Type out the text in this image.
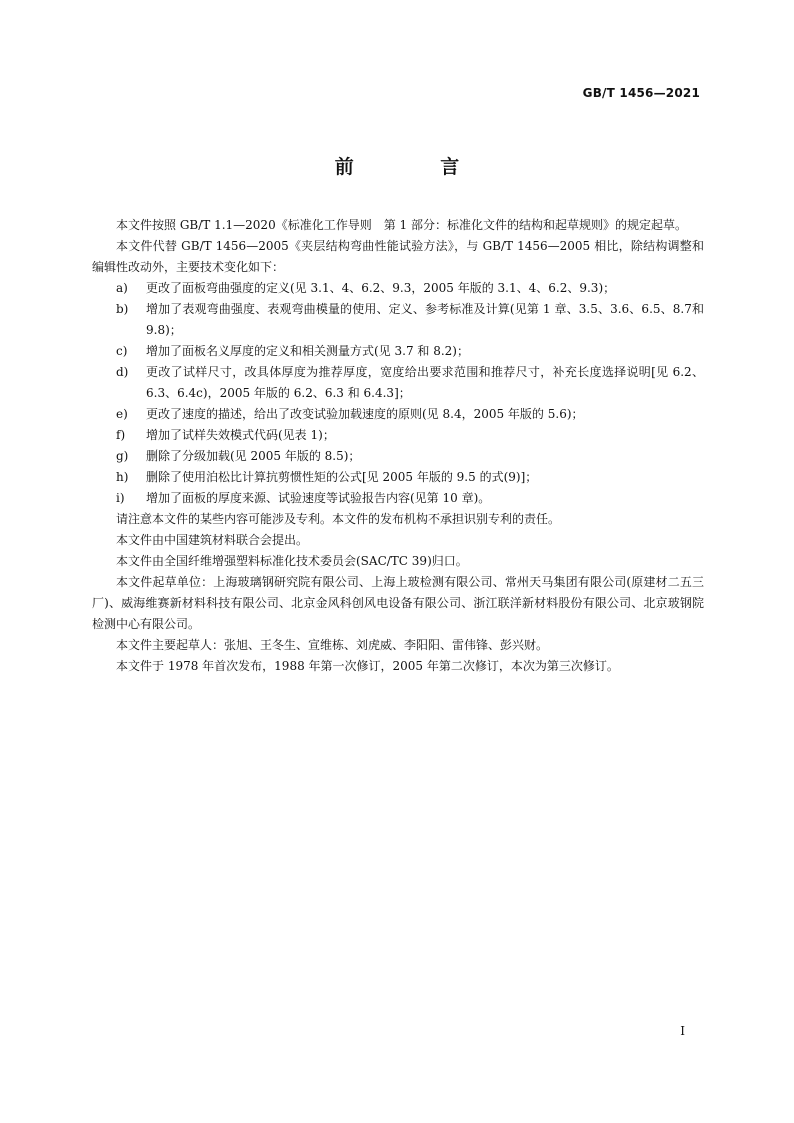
GB/T 1456—2021
前 言

本文件按照 GB/T 1.1—2020《标准化工作导则　第 1 部分：标准化文件的结构和起草规则》的规定起草。

本文件代替 GB/T 1456—2005《夹层结构弯曲性能试验方法》，与 GB/T 1456—2005 相比，除结构调整和编辑性改动外，主要技术变化如下：

a)	更改了面板弯曲强度的定义(见 3.1、4、6.2、9.3，2005 年版的 3.1、4、6.2、9.3)；
b)	增加了表观弯曲强度、表观弯曲模量的使用、定义、参考标准及计算(见第 1 章、3.5、3.6、6.5、8.7和 9.8)；
c)	增加了面板名义厚度的定义和相关测量方式(见 3.7 和 8.2)；
d)	更改了试样尺寸，改具体厚度为推荐厚度，宽度给出要求范围和推荐尺寸，补充长度选择说明[见 6.2、6.3、6.4c)，2005 年版的 6.2、6.3 和 6.4.3]；
e)	更改了速度的描述，给出了改变试验加载速度的原则(见 8.4，2005 年版的 5.6)；
f)	增加了试样失效模式代码(见表 1)；
g)	删除了分级加载(见 2005 年版的 8.5)；
h)	删除了使用泊松比计算抗剪惯性矩的公式[见 2005 年版的 9.5 的式(9)]；
i)	增加了面板的厚度来源、试验速度等试验报告内容(见第 10 章)。

请注意本文件的某些内容可能涉及专利。本文件的发布机构不承担识别专利的责任。

本文件由中国建筑材料联合会提出。

本文件由全国纤维增强塑料标准化技术委员会(SAC/TC 39)归口。

本文件起草单位：上海玻璃钢研究院有限公司、上海上玻检测有限公司、常州天马集团有限公司(原建材二五三厂)、威海维赛新材料科技有限公司、北京金风科创风电设备有限公司、浙江联洋新材料股份有限公司、北京玻钢院检测中心有限公司。

本文件主要起草人：张旭、王冬生、宣维栋、刘虎威、李阳阳、雷伟锋、彭兴财。

本文件于 1978 年首次发布，1988 年第一次修订，2005 年第二次修订，本次为第三次修订。

I
